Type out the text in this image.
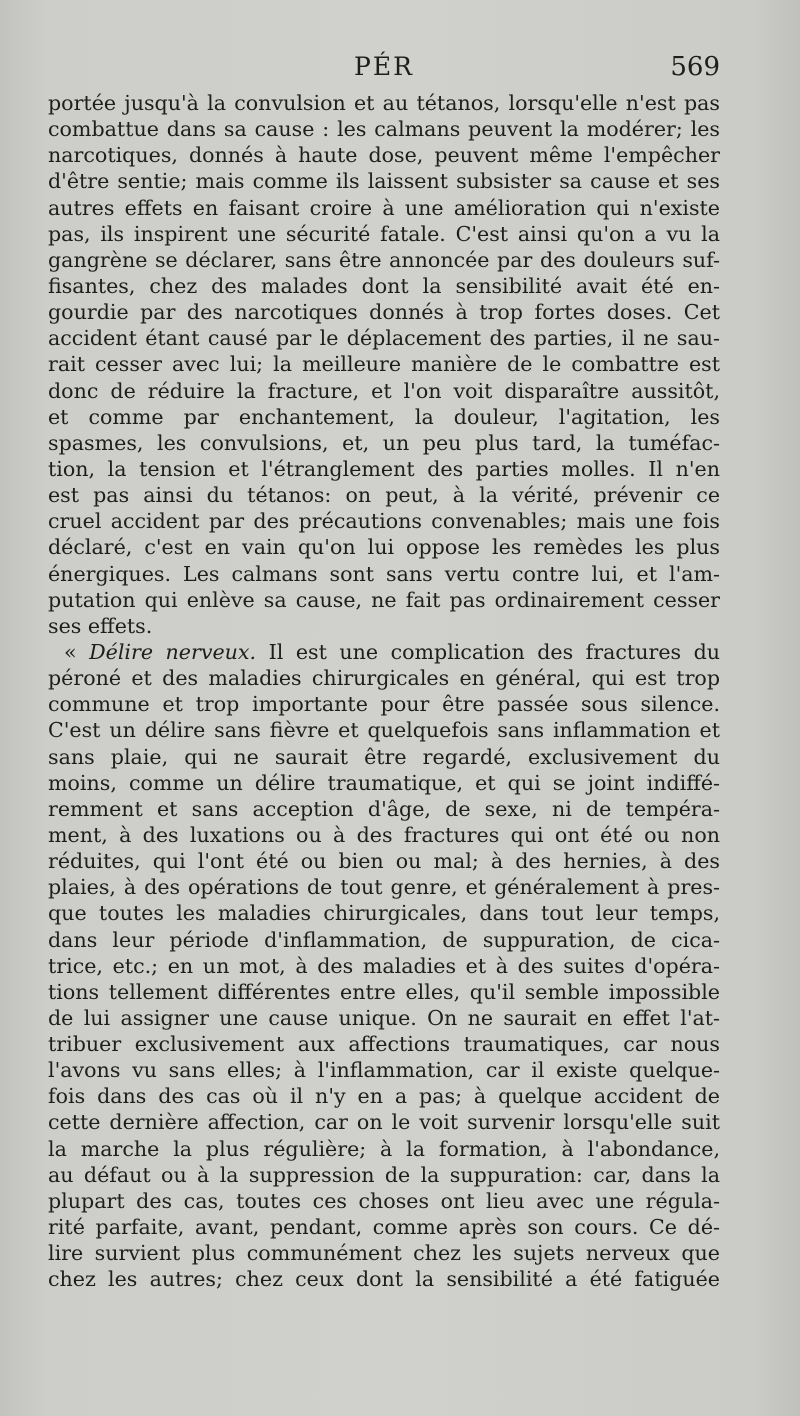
PÉR	569
portée jusqu'à la convulsion et au tétanos, lorsqu'elle n'est pas
combattue dans sa cause : les calmans peuvent la modérer; les
narcotiques, donnés à haute dose, peuvent même l'empêcher
d'être sentie; mais comme ils laissent subsister sa cause et ses
autres effets en faisant croire à une amélioration qui n'existe
pas, ils inspirent une sécurité fatale. C'est ainsi qu'on a vu la
gangrène se déclarer, sans être annoncée par des douleurs suf-
fisantes, chez des malades dont la sensibilité avait été en-
gourdie par des narcotiques donnés à trop fortes doses. Cet
accident étant causé par le déplacement des parties, il ne sau-
rait cesser avec lui; la meilleure manière de le combattre est
donc de réduire la fracture, et l'on voit disparaître aussitôt,
et comme par enchantement, la douleur, l'agitation, les
spasmes, les convulsions, et, un peu plus tard, la tuméfac-
tion, la tension et l'étranglement des parties molles. Il n'en
est pas ainsi du tétanos: on peut, à la vérité, prévenir ce
cruel accident par des précautions convenables; mais une fois
déclaré, c'est en vain qu'on lui oppose les remèdes les plus
énergiques. Les calmans sont sans vertu contre lui, et l'am-
putation qui enlève sa cause, ne fait pas ordinairement cesser
ses effets.
« Délire nerveux. Il est une complication des fractures du
péroné et des maladies chirurgicales en général, qui est trop
commune et trop importante pour être passée sous silence.
C'est un délire sans fièvre et quelquefois sans inflammation et
sans plaie, qui ne saurait être regardé, exclusivement du
moins, comme un délire traumatique, et qui se joint indiffé-
remment et sans acception d'âge, de sexe, ni de tempéra-
ment, à des luxations ou à des fractures qui ont été ou non
réduites, qui l'ont été ou bien ou mal; à des hernies, à des
plaies, à des opérations de tout genre, et généralement à pres-
que toutes les maladies chirurgicales, dans tout leur temps,
dans leur période d'inflammation, de suppuration, de cica-
trice, etc.; en un mot, à des maladies et à des suites d'opéra-
tions tellement différentes entre elles, qu'il semble impossible
de lui assigner une cause unique. On ne saurait en effet l'at-
tribuer exclusivement aux affections traumatiques, car nous
l'avons vu sans elles; à l'inflammation, car il existe quelque-
fois dans des cas où il n'y en a pas; à quelque accident de
cette dernière affection, car on le voit survenir lorsqu'elle suit
la marche la plus régulière; à la formation, à l'abondance,
au défaut ou à la suppression de la suppuration: car, dans la
plupart des cas, toutes ces choses ont lieu avec une régula-
rité parfaite, avant, pendant, comme après son cours. Ce dé-
lire survient plus communément chez les sujets nerveux que
chez les autres; chez ceux dont la sensibilité a été fatiguée
